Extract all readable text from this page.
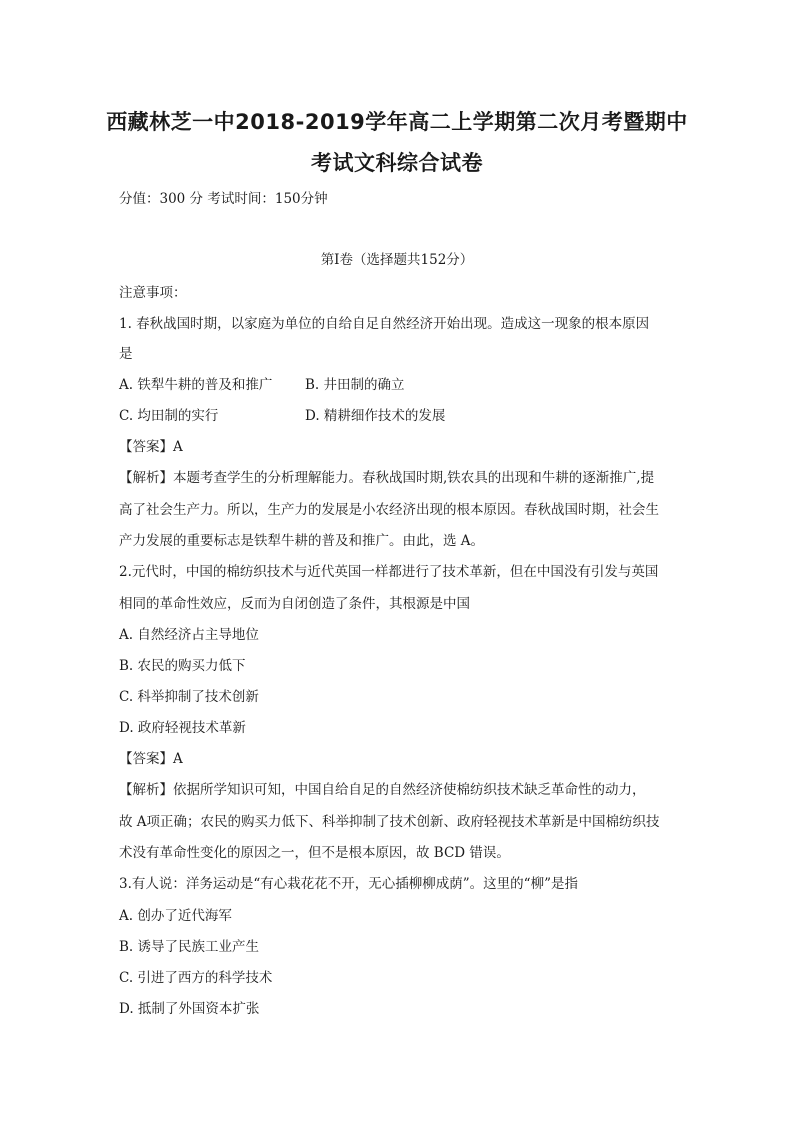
西藏林芝一中2018-2019学年高二上学期第二次月考暨期中
考试文科综合试卷
分值：300 分 考试时间：150分钟
第Ⅰ卷（选择题共152分）
注意事项：
1. 春秋战国时期，以家庭为单位的自给自足自然经济开始出现。造成这一现象的根本原因
是
A. 铁犁牛耕的普及和推广 B. 井田制的确立
C. 均田制的实行	D. 精耕细作技术的发展
【答案】A
【解析】本题考查学生的分析理解能力。春秋战国时期,铁农具的出现和牛耕的逐渐推广,提
高了社会生产力。所以，生产力的发展是小农经济出现的根本原因。春秋战国时期，社会生
产力发展的重要标志是铁犁牛耕的普及和推广。由此，选 A。
2.元代时，中国的棉纺织技术与近代英国一样都进行了技术革新，但在中国没有引发与英国
相同的革命性效应，反而为自闭创造了条件，其根源是中国
A. 自然经济占主导地位
B. 农民的购买力低下
C. 科举抑制了技术创新
D. 政府轻视技术革新
【答案】A
【解析】依据所学知识可知，中国自给自足的自然经济使棉纺织技术缺乏革命性的动力，
故 A项正确；农民的购买力低下、科举抑制了技术创新、政府轻视技术革新是中国棉纺织技
术没有革命性变化的原因之一，但不是根本原因，故 BCD 错误。
3.有人说：洋务运动是“有心栽花花不开，无心插柳柳成荫”。这里的“柳”是指
A. 创办了近代海军
B. 诱导了民族工业产生
C. 引进了西方的科学技术
D. 抵制了外国资本扩张
